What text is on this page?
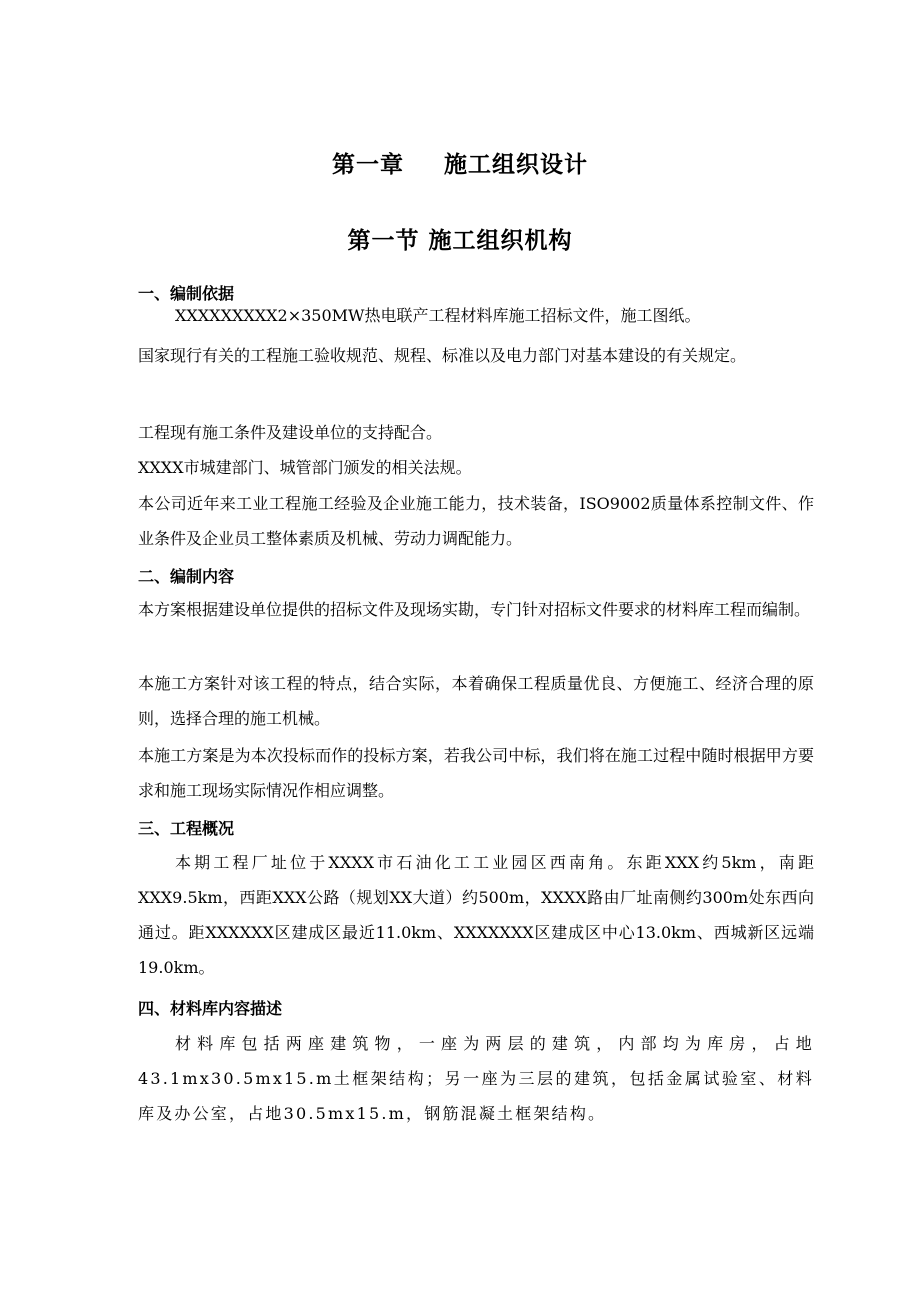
第一章 施工组织设计
第一节 施工组织机构
一、编制依据
XXXXXXXXX2×350MW热电联产工程材料库施工招标文件，施工图纸。
国家现行有关的工程施工验收规范、规程、标准以及电力部门对基本建设的有关规定。
工程现有施工条件及建设单位的支持配合。
XXXX市城建部门、城管部门颁发的相关法规。
本公司近年来工业工程施工经验及企业施工能力，技术装备，ISO9002质量体系控制文件、作业条件及企业员工整体素质及机械、劳动力调配能力。
二、编制内容
本方案根据建设单位提供的招标文件及现场实勘，专门针对招标文件要求的材料库工程而编制。
本施工方案针对该工程的特点，结合实际，本着确保工程质量优良、方便施工、经济合理的原则，选择合理的施工机械。
本施工方案是为本次投标而作的投标方案，若我公司中标，我们将在施工过程中随时根据甲方要求和施工现场实际情况作相应调整。
三、工程概况
本期工程厂址位于XXXX市石油化工工业园区西南角。东距XXX约5km，南距XXX9.5km，西距XXX公路（规划XX大道）约500m，XXXX路由厂址南侧约300m处东西向通过。距XXXXXX区建成区最近11.0km、XXXXXXX区建成区中心13.0km、西城新区远端19.0km。
四、材料库内容描述
材料库包括两座建筑物，一座为两层的建筑，内部均为库房，占地43.1mx30.5mx15.m土框架结构；另一座为三层的建筑，包括金属试验室、材料库及办公室，占地30.5mx15.m，钢筋混凝土框架结构。
